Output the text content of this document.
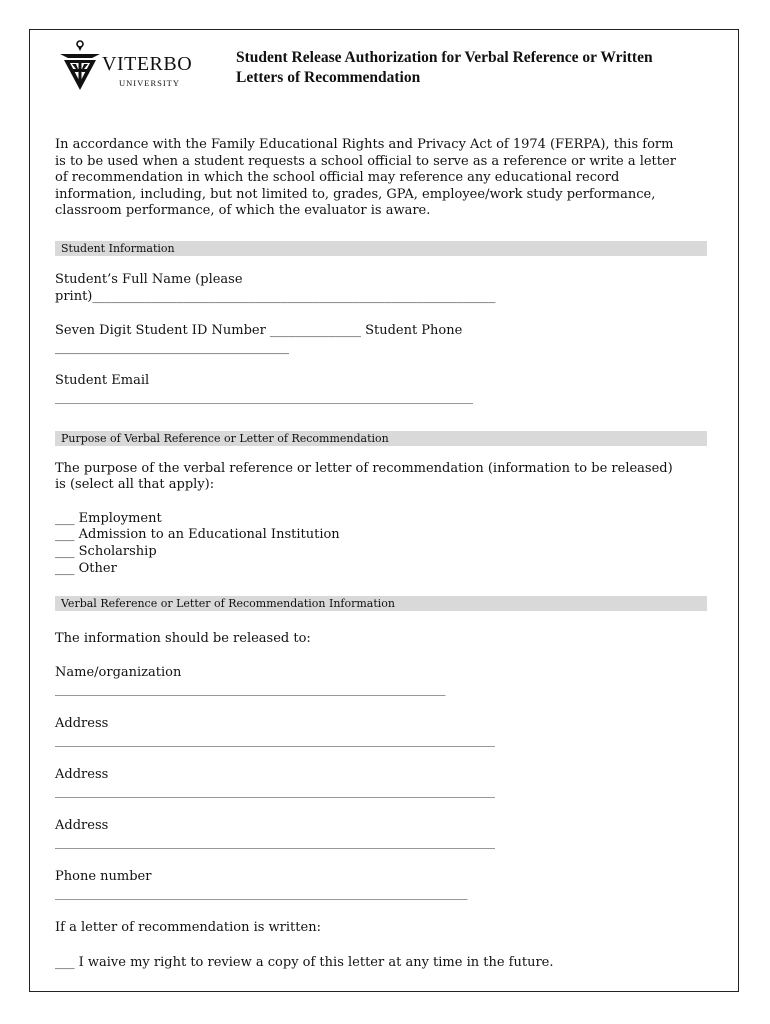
VITERBO
UNIVERSITY
Student Release Authorization for Verbal Reference or Written
Letters of Recommendation
In accordance with the Family Educational Rights and Privacy Act of 1974 (FERPA), this form
is to be used when a student requests a school official to serve as a reference or write a letter
of recommendation in which the school official may reference any educational record
information, including, but not limited to, grades, GPA, employee/work study performance,
classroom performance, of which the evaluator is aware.
Student Information
Student’s Full Name (please
print)______________________________________________________________
Seven Digit Student ID Number ______________ Student Phone
____________________________________
Student Email
____________________________________________________________________________
Purpose of Verbal Reference or Letter of Recommendation
The purpose of the verbal reference or letter of recommendation (information to be released)
is (select all that apply):
___ Employment
___ Admission to an Educational Institution
___ Scholarship
___ Other
Verbal Reference or Letter of Recommendation Information
The information should be released to:
Name/organization
_______________________________________________________________________
Address
________________________________________________________________________________
Address
________________________________________________________________________________
Address
________________________________________________________________________________
Phone number
___________________________________________________________________________
If a letter of recommendation is written:
___ I waive my right to review a copy of this letter at any time in the future.
